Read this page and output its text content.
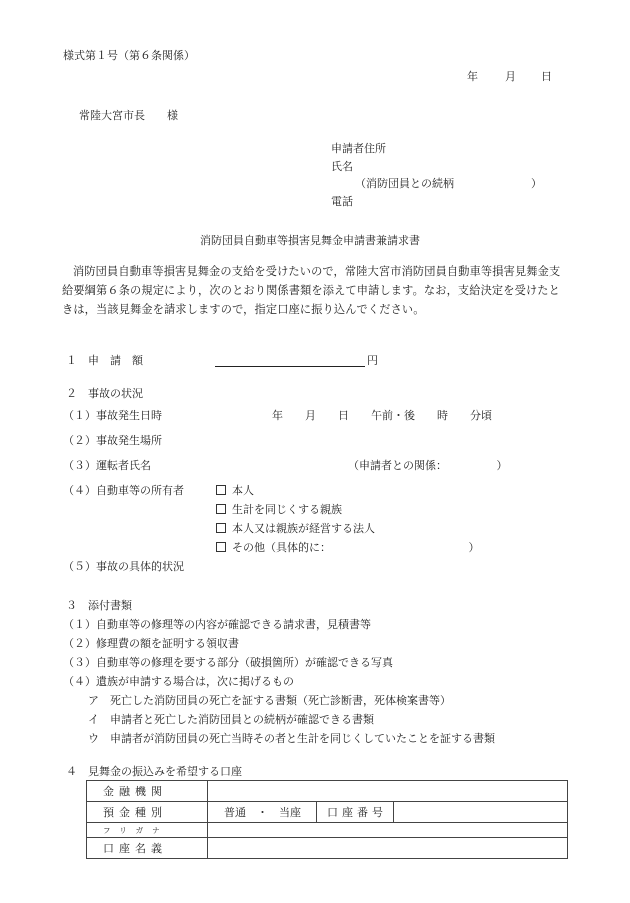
様式第１号（第６条関係）
年 月 日
常陸大宮市長　　様
申請者住所
氏名
（消防団員との続柄　　　　　　　）
電話
消防団員自動車等損害見舞金申請書兼請求書
消防団員自動車等損害見舞金の支給を受けたいので，常陸大宮市消防団員自動車等損害見舞金支給要綱第６条の規定により，次のとおり関係書類を添えて申請します。なお，支給決定を受けたときは，当該見舞金を請求しますので，指定口座に振り込んでください。
１　申　請　額	円
２　事故の状況
（１）事故発生日時	年　　月　　日　　午前・後　　時　　分頃
（２）事故発生場所
（３）運転者氏名	（申請者との関係：　　　　　）
（４）自動車等の所有者	本人
生計を同じくする親族
本人又は親族が経営する法人
その他（具体的に：　　　　　　　　　　　　　）
（５）事故の具体的状況
３　添付書類
（１）自動車等の修理等の内容が確認できる請求書，見積書等
（２）修理費の額を証明する領収書
（３）自動車等の修理を要する部分（破損箇所）が確認できる写真
（４）遺族が申請する場合は，次に掲げるもの
ア　死亡した消防団員の死亡を証する書類（死亡診断書，死体検案書等）
イ　申請者と死亡した消防団員との続柄が確認できる書類
ウ　申請者が消防団員の死亡当時その者と生計を同じくしていたことを証する書類
４　見舞金の振込みを希望する口座
金融機関			
預金種別	普通　・　当座	口座番号	
フリガナ			
口座名義			
